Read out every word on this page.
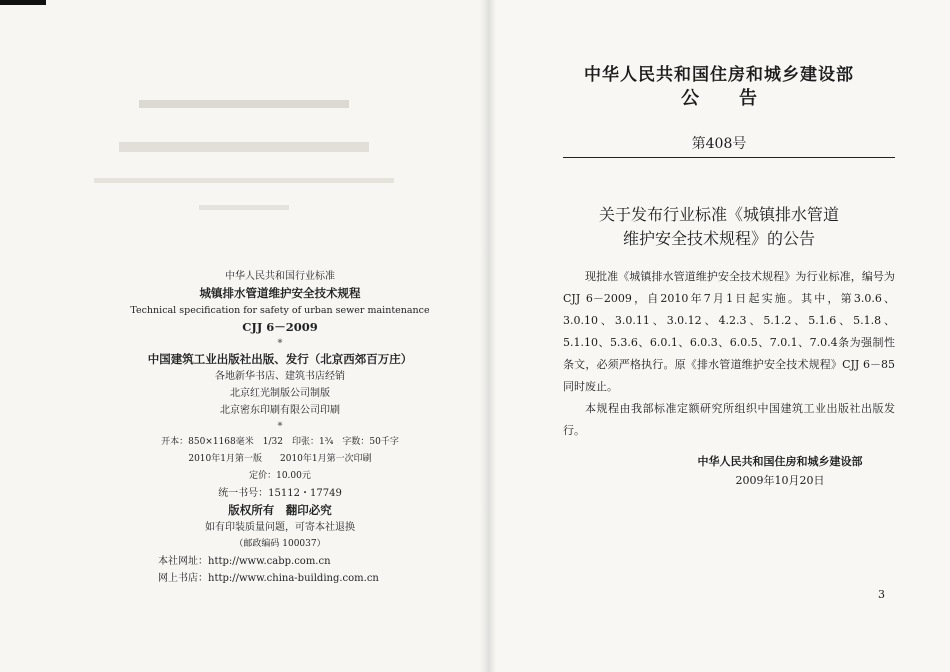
中华人民共和国行业标准
城镇排水管道维护安全技术规程
Technical specification for safety of urban sewer maintenance
CJJ 6－2009
*
中国建筑工业出版社出版、发行（北京西郊百万庄）
各地新华书店、建筑书店经销
北京红光制版公司制版
北京密东印刷有限公司印刷
*
开本：850×1168毫米　1/32　印张：1¾　字数：50千字
2010年1月第一版　　2010年1月第一次印刷
定价：10.00元
统一书号：15112・17749
版权所有　翻印必究
如有印装质量问题，可寄本社退换
（邮政编码 100037）
本社网址：http://www.cabp.com.cn
网上书店：http://www.china-building.com.cn
中华人民共和国住房和城乡建设部
公告
第408号
关于发布行业标准《城镇排水管道
维护安全技术规程》的公告

现批准《城镇排水管道维护安全技术规程》为行业标准，编号为CJJ 6－2009，自2010年7月1日起实施。其中，第3.0.6、3.0.10、3.0.11、3.0.12、4.2.3、5.1.2、5.1.6、5.1.8、5.1.10、5.3.6、6.0.1、6.0.3、6.0.5、7.0.1、7.0.4条为强制性条文，必须严格执行。原《排水管道维护安全技术规程》CJJ 6－85同时废止。

本规程由我部标准定额研究所组织中国建筑工业出版社出版发行。

中华人民共和国住房和城乡建设部
2009年10月20日
3
